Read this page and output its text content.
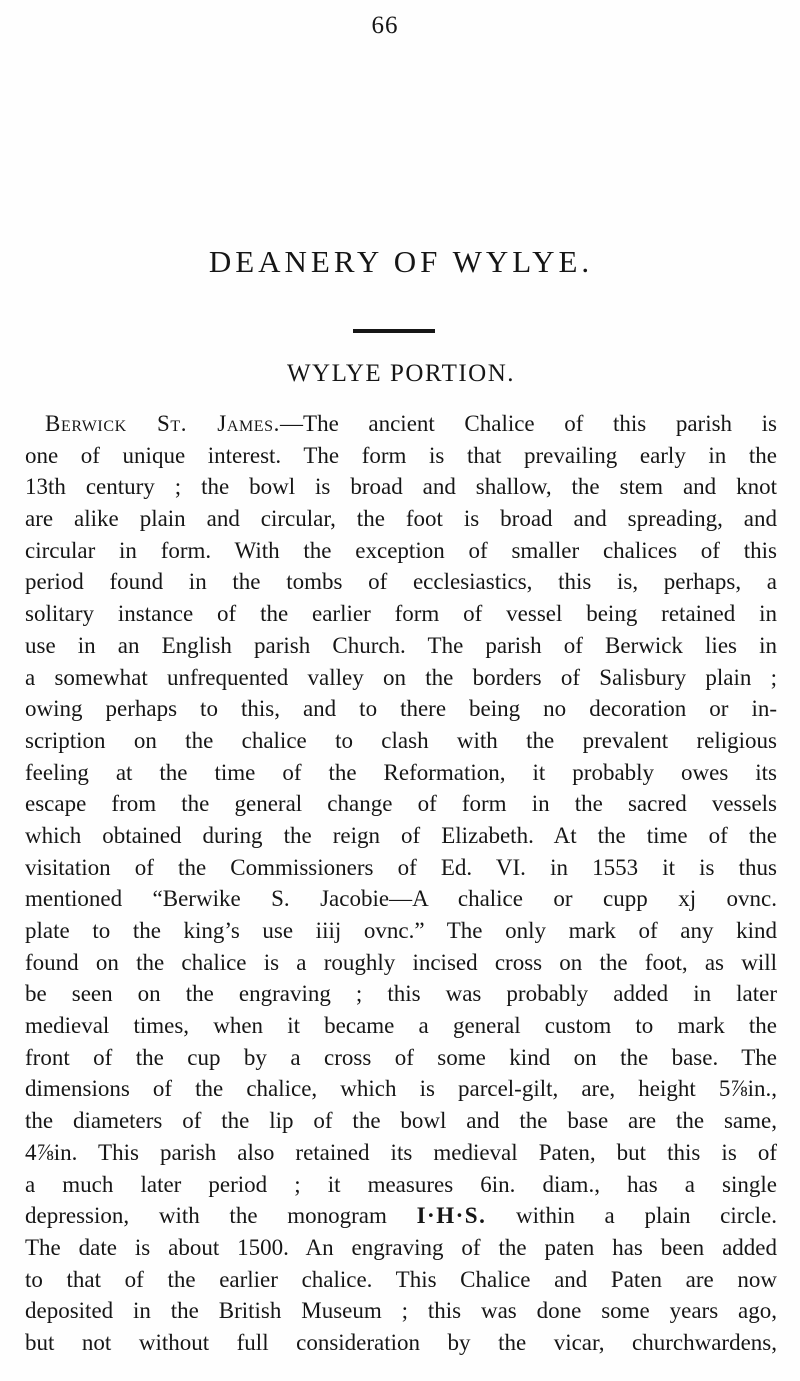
66
DEANERY OF WYLYE.
WYLYE PORTION.
Berwick St. James.—The ancient Chalice of this parish is
one of unique interest. The form is that prevailing early in the
13th century ; the bowl is broad and shallow, the stem and knot
are alike plain and circular, the foot is broad and spreading, and
circular in form. With the exception of smaller chalices of this
period found in the tombs of ecclesiastics, this is, perhaps, a
solitary instance of the earlier form of vessel being retained in
use in an English parish Church. The parish of Berwick lies in
a somewhat unfrequented valley on the borders of Salisbury plain ;
owing perhaps to this, and to there being no decoration or in-
scription on the chalice to clash with the prevalent religious
feeling at the time of the Reformation, it probably owes its
escape from the general change of form in the sacred vessels
which obtained during the reign of Elizabeth. At the time of the
visitation of the Commissioners of Ed. VI. in 1553 it is thus
mentioned “Berwike S. Jacobie—A chalice or cupp xj ovnc.
plate to the king’s use iiij ovnc.” The only mark of any kind
found on the chalice is a roughly incised cross on the foot, as will
be seen on the engraving ; this was probably added in later
medieval times, when it became a general custom to mark the
front of the cup by a cross of some kind on the base. The
dimensions of the chalice, which is parcel-gilt, are, height 5⅞in.,
the diameters of the lip of the bowl and the base are the same,
4⅞in. This parish also retained its medieval Paten, but this is of
a much later period ; it measures 6in. diam., has a single
depression, with the monogram I·H·S. within a plain circle.
The date is about 1500. An engraving of the paten has been added
to that of the earlier chalice. This Chalice and Paten are now
deposited in the British Museum ; this was done some years ago,
but not without full consideration by the vicar, churchwardens,
